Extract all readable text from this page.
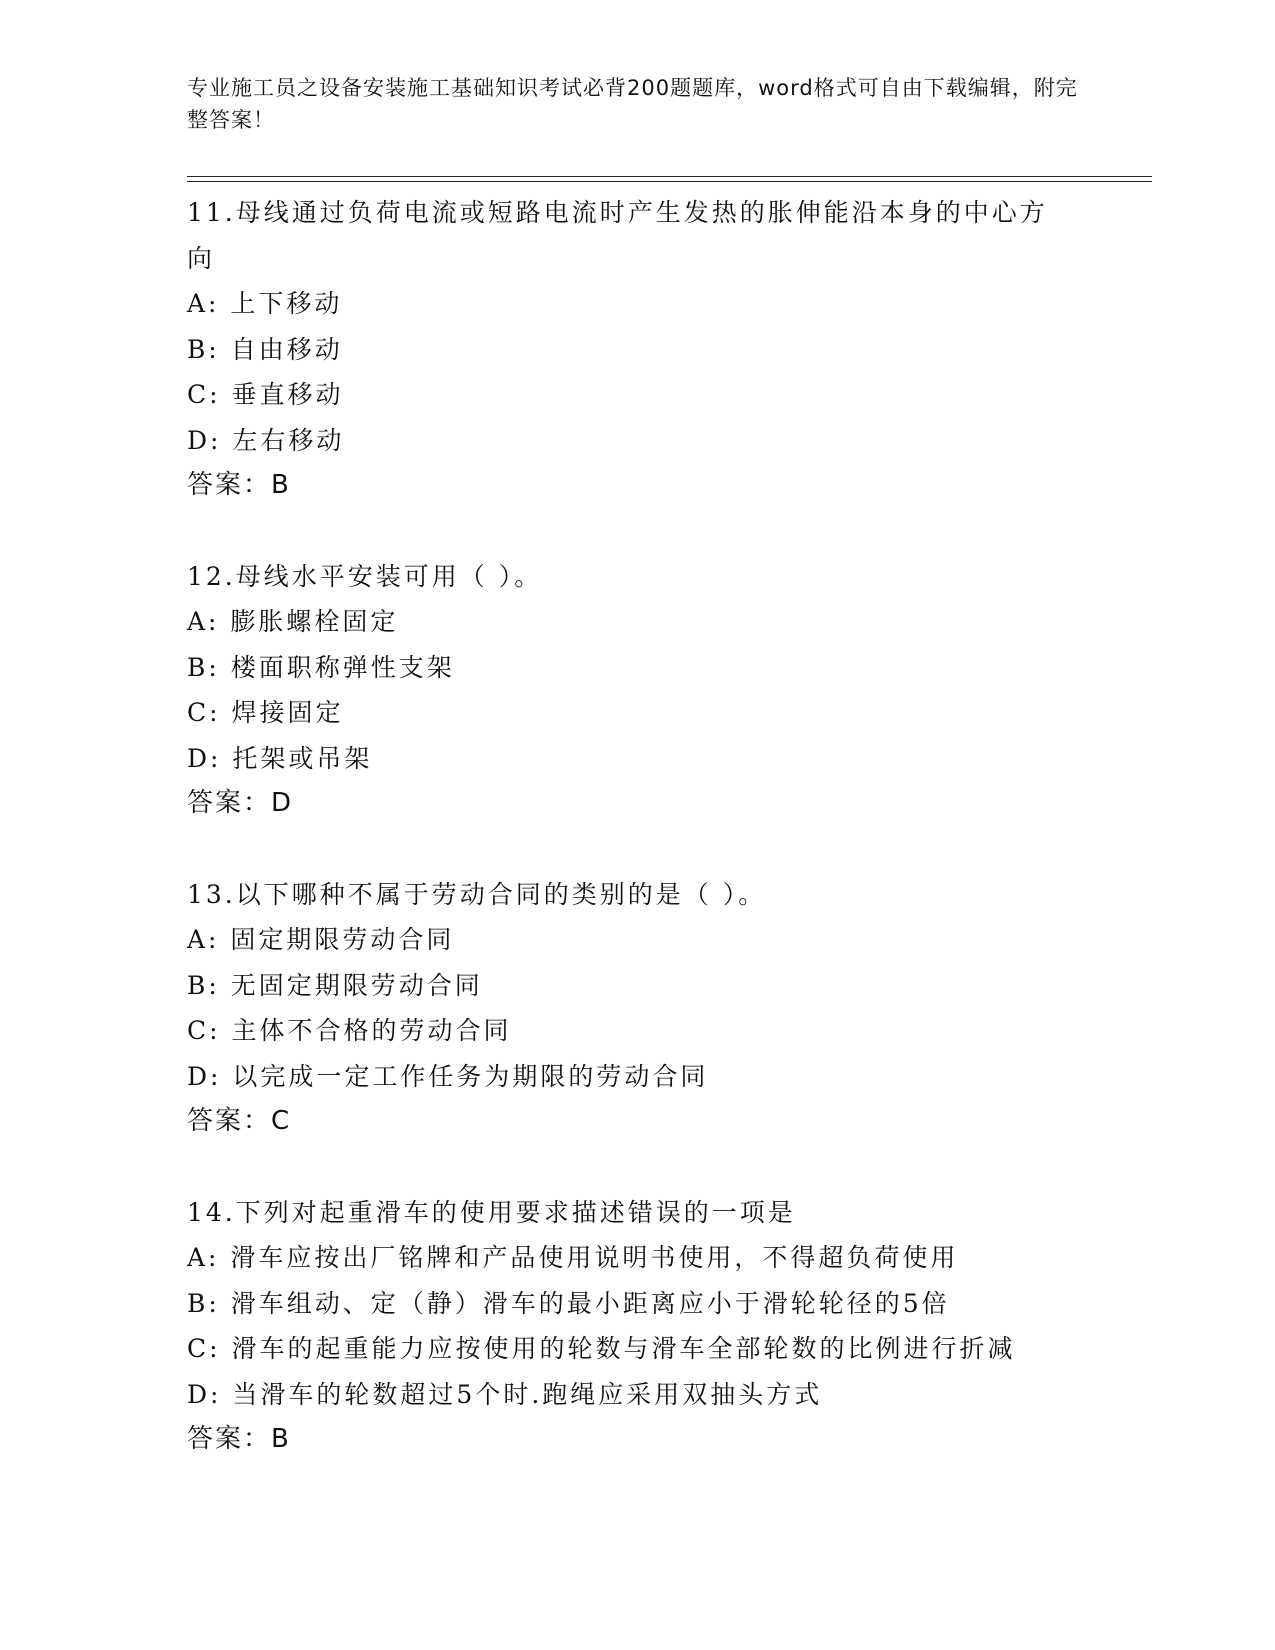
专业施工员之设备安装施工基础知识考试必背200题题库，word格式可自由下载编辑，附完整答案！
11.母线通过负荷电流或短路电流时产生发热的胀伸能沿本身的中心方向
A: 上下移动
B: 自由移动
C: 垂直移动
D: 左右移动
答案：B
12.母线水平安装可用（ ）。
A: 膨胀螺栓固定
B: 楼面职称弹性支架
C: 焊接固定
D: 托架或吊架
答案：D
13.以下哪种不属于劳动合同的类别的是（ ）。
A: 固定期限劳动合同
B: 无固定期限劳动合同
C: 主体不合格的劳动合同
D: 以完成一定工作任务为期限的劳动合同
答案：C
14.下列对起重滑车的使用要求描述错误的一项是
A: 滑车应按出厂铭牌和产品使用说明书使用，不得超负荷使用
B: 滑车组动、定（静）滑车的最小距离应小于滑轮轮径的5倍
C: 滑车的起重能力应按使用的轮数与滑车全部轮数的比例进行折减
D: 当滑车的轮数超过5个时.跑绳应采用双抽头方式
答案：B
